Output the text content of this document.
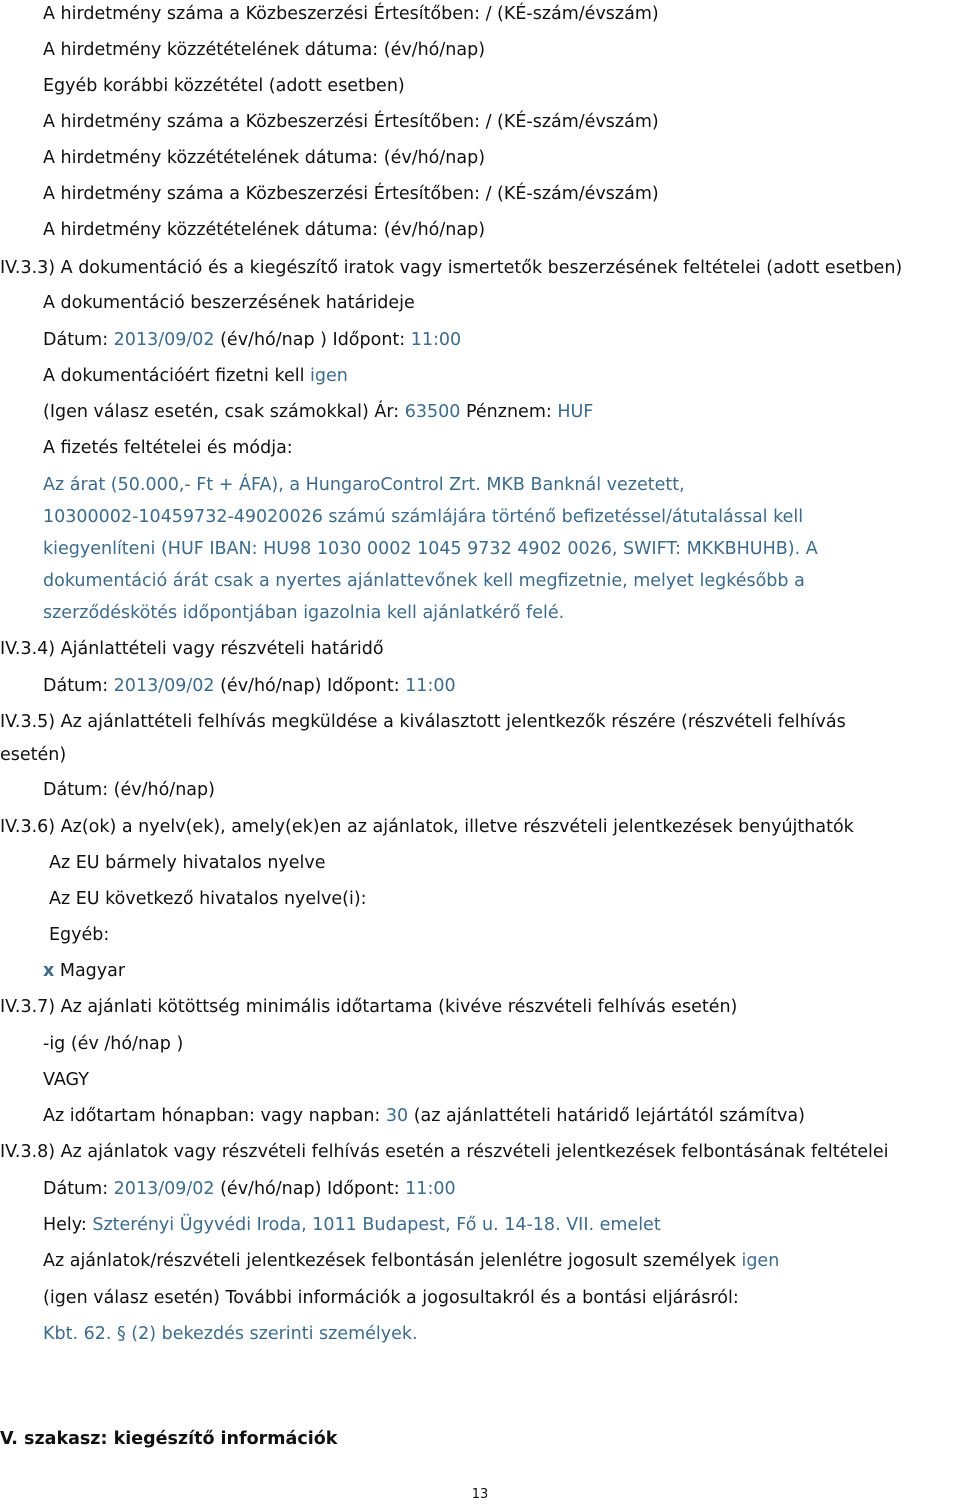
A hirdetmény száma a Közbeszerzési Értesítőben: / (KÉ-szám/évszám)
A hirdetmény közzétételének dátuma: (év/hó/nap)
Egyéb korábbi közzététel (adott esetben)
A hirdetmény száma a Közbeszerzési Értesítőben: / (KÉ-szám/évszám)
A hirdetmény közzétételének dátuma: (év/hó/nap)
A hirdetmény száma a Közbeszerzési Értesítőben: / (KÉ-szám/évszám)
A hirdetmény közzétételének dátuma: (év/hó/nap)
IV.3.3) A dokumentáció és a kiegészítő iratok vagy ismertetők beszerzésének feltételei (adott esetben)
A dokumentáció beszerzésének határideje
Dátum: 2013/09/02 (év/hó/nap ) Időpont: 11:00
A dokumentációért fizetni kell igen
(Igen válasz esetén, csak számokkal) Ár: 63500 Pénznem: HUF
A fizetés feltételei és módja:
Az árat (50.000,- Ft + ÁFA), a HungaroControl Zrt. MKB Banknál vezetett,
10300002-10459732-49020026 számú számlájára történő befizetéssel/átutalással kell
kiegyenlíteni (HUF IBAN: HU98 1030 0002 1045 9732 4902 0026, SWIFT: MKKBHUHB). A
dokumentáció árát csak a nyertes ajánlattevőnek kell megfizetnie, melyet legkésőbb a
szerződéskötés időpontjában igazolnia kell ajánlatkérő felé.
IV.3.4) Ajánlattételi vagy részvételi határidő
Dátum: 2013/09/02 (év/hó/nap) Időpont: 11:00
IV.3.5) Az ajánlattételi felhívás megküldése a kiválasztott jelentkezők részére (részvételi felhívás
esetén)
Dátum: (év/hó/nap)
IV.3.6) Az(ok) a nyelv(ek), amely(ek)en az ajánlatok, illetve részvételi jelentkezések benyújthatók
Az EU bármely hivatalos nyelve
Az EU következő hivatalos nyelve(i):
Egyéb:
x Magyar
IV.3.7) Az ajánlati kötöttség minimális időtartama (kivéve részvételi felhívás esetén)
-ig (év /hó/nap )
VAGY
Az időtartam hónapban: vagy napban: 30 (az ajánlattételi határidő lejártától számítva)
IV.3.8) Az ajánlatok vagy részvételi felhívás esetén a részvételi jelentkezések felbontásának feltételei
Dátum: 2013/09/02 (év/hó/nap) Időpont: 11:00
Hely: Szterényi Ügyvédi Iroda, 1011 Budapest, Fő u. 14-18. VII. emelet
Az ajánlatok/részvételi jelentkezések felbontásán jelenlétre jogosult személyek igen
(igen válasz esetén) További információk a jogosultakról és a bontási eljárásról:
Kbt. 62. § (2) bekezdés szerinti személyek.
V. szakasz: kiegészítő információk
13
